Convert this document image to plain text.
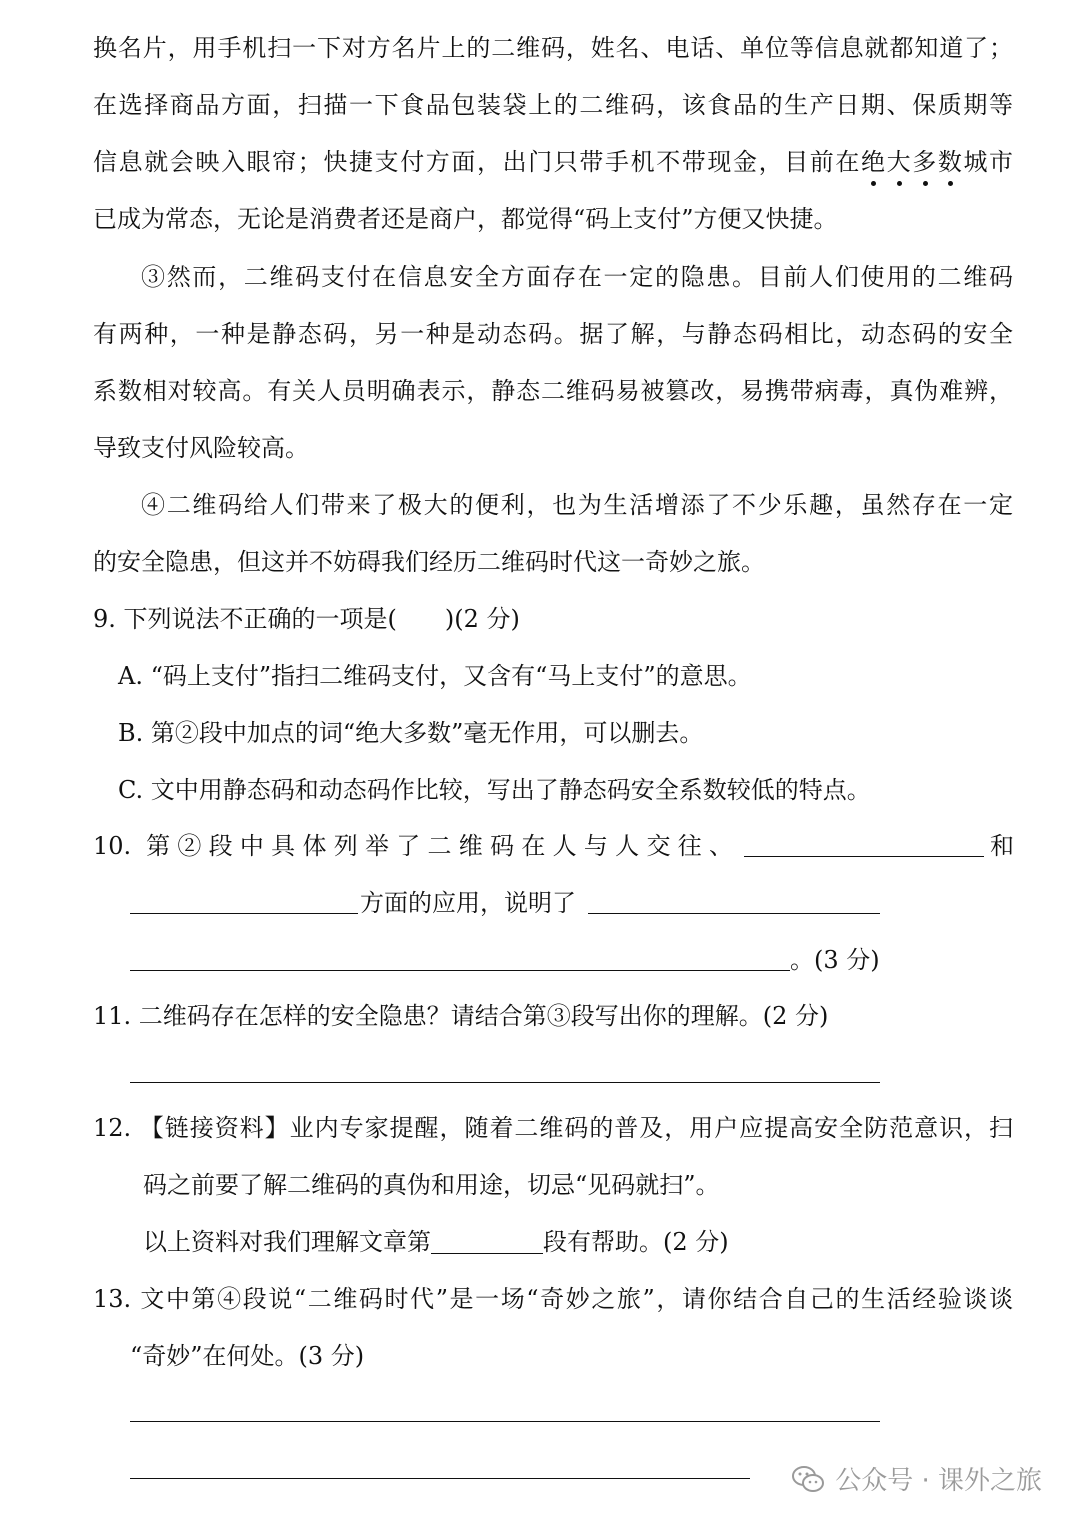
换名片，用手机扫一下对方名片上的二维码，姓名、电话、单位等信息就都知道了；
在选择商品方面，扫描一下食品包装袋上的二维码，该食品的生产日期、保质期等
信息就会映入眼帘；快捷支付方面，出门只带手机不带现金，目前在绝大多数城市
已成为常态，无论是消费者还是商户，都觉得“码上支付”方便又快捷。
③然而，二维码支付在信息安全方面存在一定的隐患。目前人们使用的二维码
有两种，一种是静态码，另一种是动态码。据了解，与静态码相比，动态码的安全
系数相对较高。有关人员明确表示，静态二维码易被篡改，易携带病毒，真伪难辨，
导致支付风险较高。
④二维码给人们带来了极大的便利，也为生活增添了不少乐趣，虽然存在一定
的安全隐患，但这并不妨碍我们经历二维码时代这一奇妙之旅。
9. 下列说法不正确的一项是(　　)(2 分)
A. “码上支付”指扫二维码支付，又含有“马上支付”的意思。
B. 第②段中加点的词“绝大多数”毫无作用，可以删去。
C. 文中用静态码和动态码作比较，写出了静态码安全系数较低的特点。
10. 第②段中具体列举了二维码在人与人交往、	和
方面的应用，说明了
。(3 分)
11. 二维码存在怎样的安全隐患？请结合第③段写出你的理解。(2 分)
12. 【链接资料】业内专家提醒，随着二维码的普及，用户应提高安全防范意识，扫
码之前要了解二维码的真伪和用途，切忌“见码就扫”。
以上资料对我们理解文章第	段有帮助。(2 分)
13. 文中第④段说“二维码时代”是一场“奇妙之旅”，请你结合自己的生活经验谈谈
“奇妙”在何处。(3 分)
公众号 · 课外之旅
